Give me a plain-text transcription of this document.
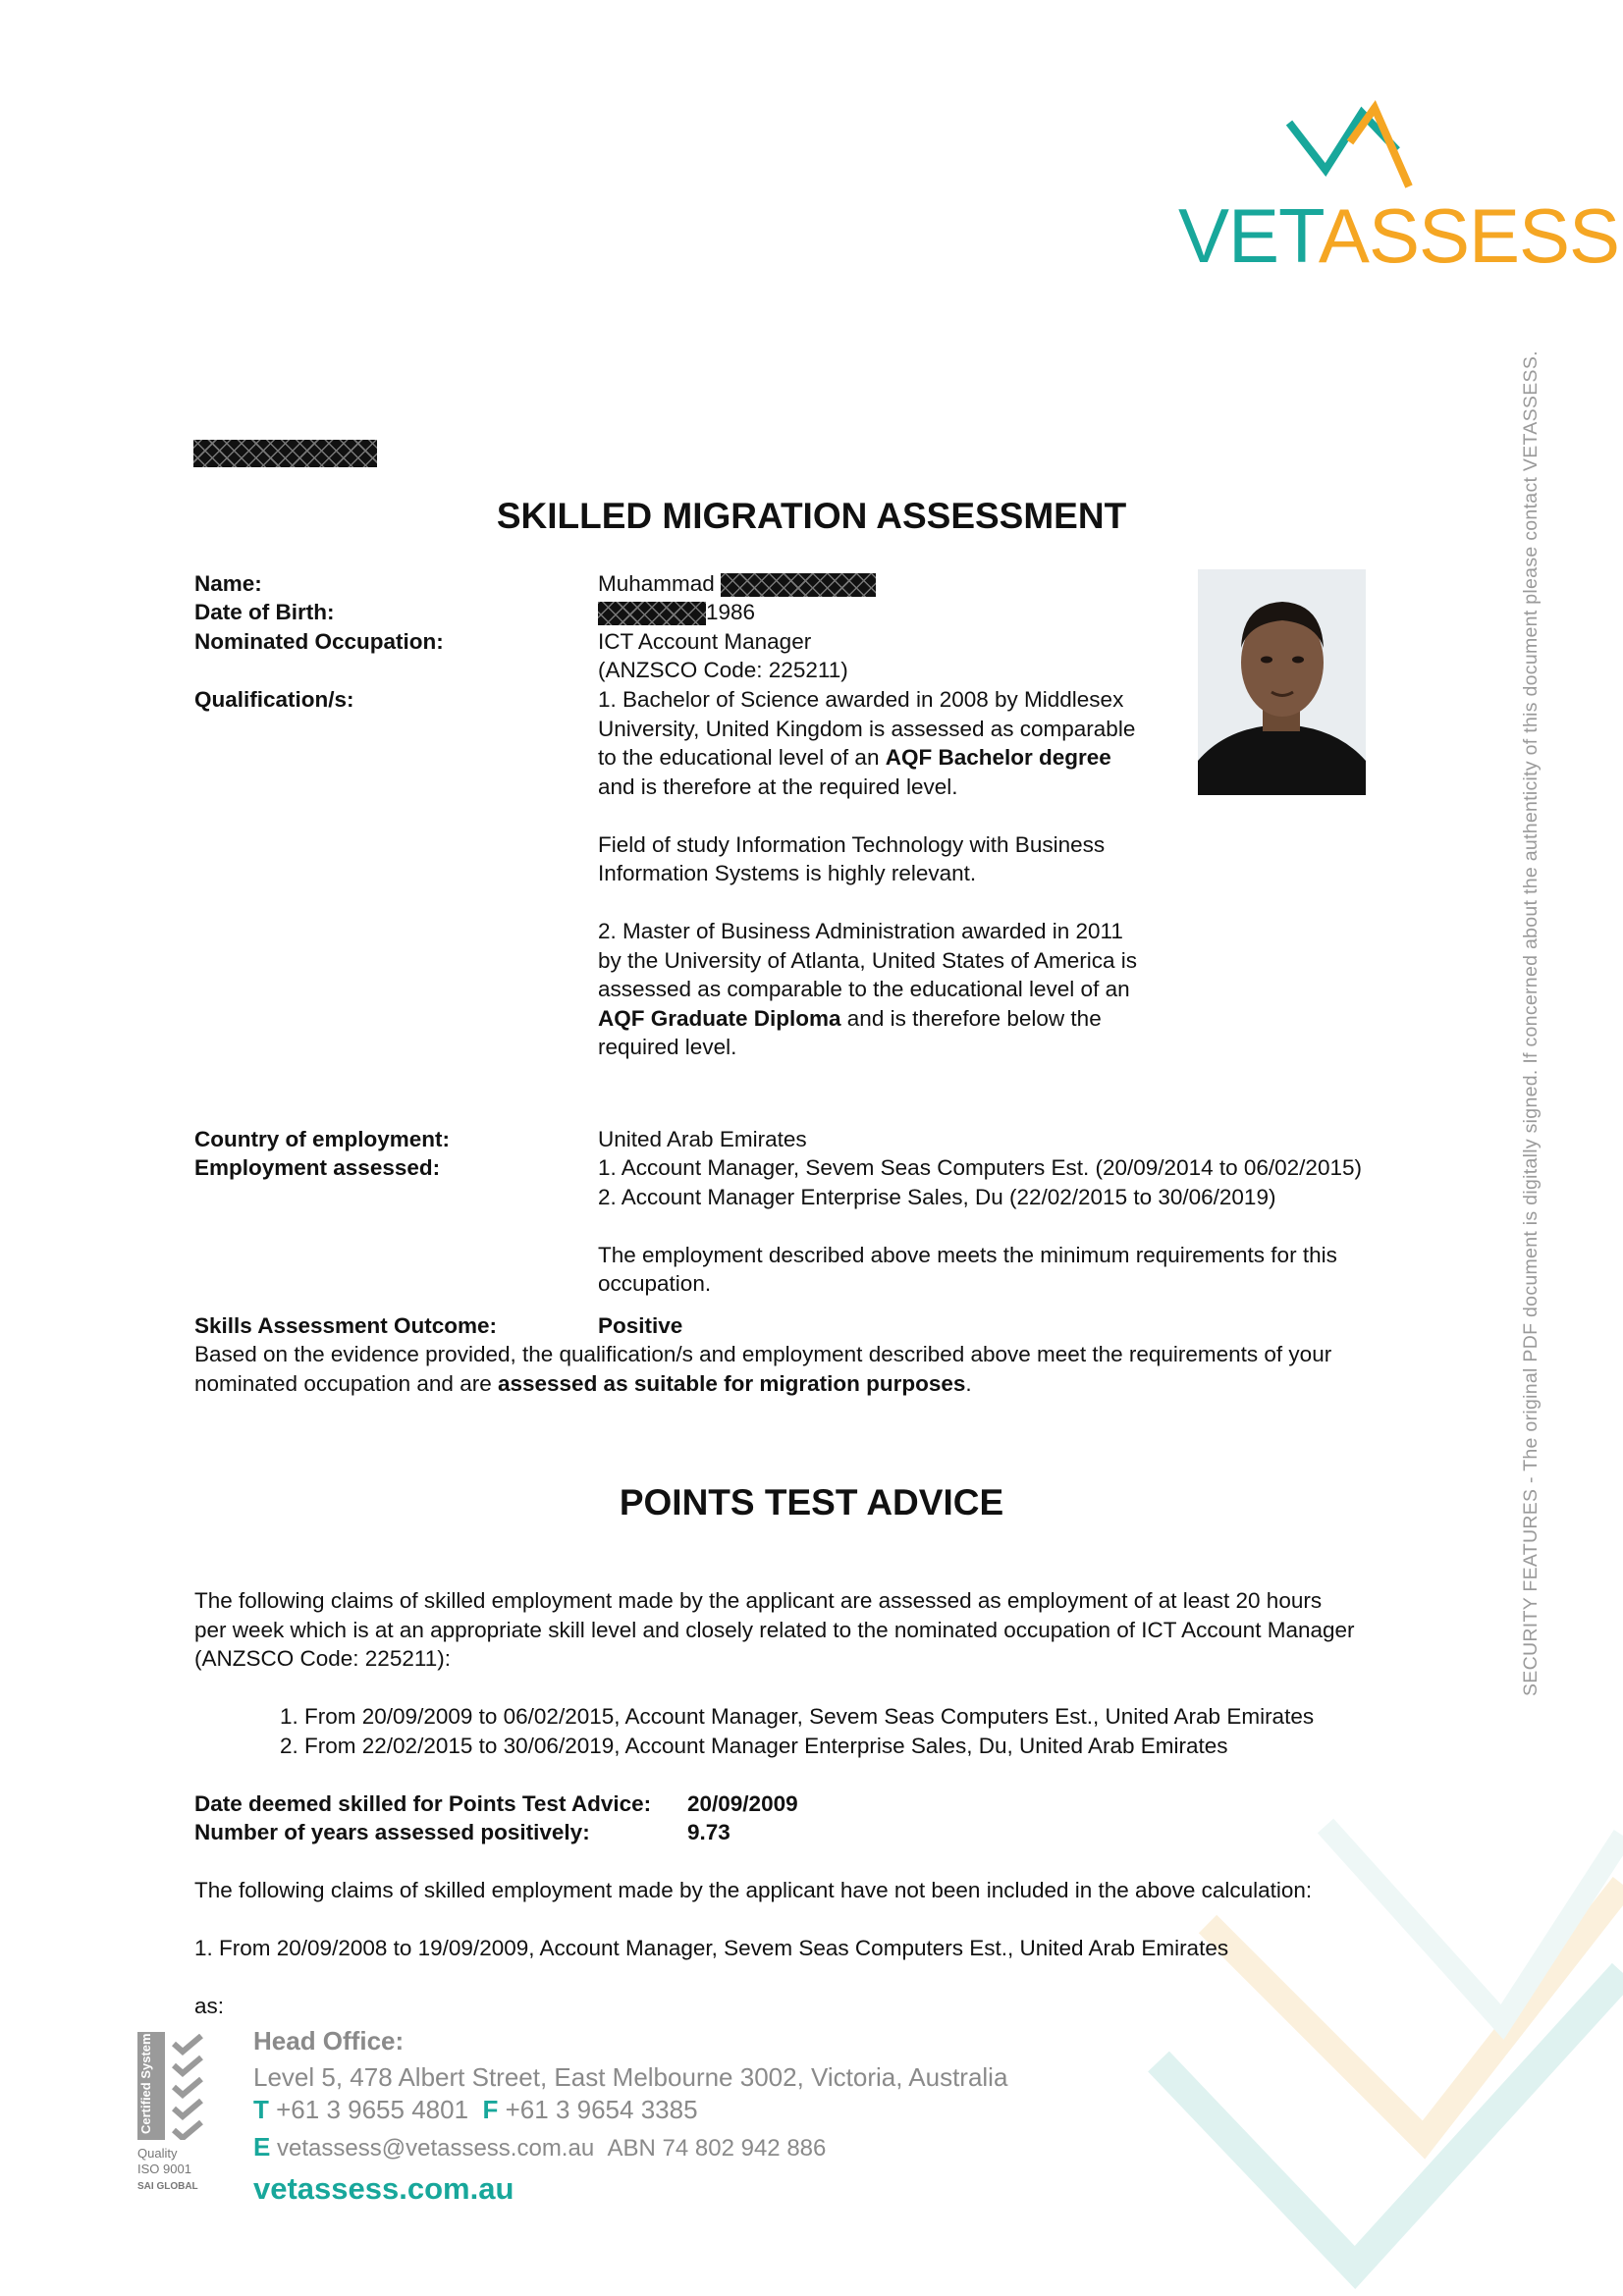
VETASSESS
SECURITY FEATURES - The original PDF document is digitally signed. If concerned about the authenticity of this document please contact VETASSESS.
SKILLED MIGRATION ASSESSMENT
Name:	Muhammad
Date of Birth:	1986
Nominated Occupation:	ICT Account Manager
(ANZSCO Code: 225211)
Qualification/s:	1. Bachelor of Science awarded in 2008 by Middlesex
University, United Kingdom is assessed as comparable
to the educational level of an AQF Bachelor degree
and is therefore at the required level.
Field of study Information Technology with Business
Information Systems is highly relevant.
2. Master of Business Administration awarded in 2011
by the University of Atlanta, United States of America is
assessed as comparable to the educational level of an
AQF Graduate Diploma and is therefore below the
required level.
Country of employment:	United Arab Emirates
Employment assessed:	1. Account Manager, Sevem Seas Computers Est. (20/09/2014 to 06/02/2015)
2. Account Manager Enterprise Sales, Du (22/02/2015 to 30/06/2019)
The employment described above meets the minimum requirements for this
occupation.
Skills Assessment Outcome:	Positive
Based on the evidence provided, the qualification/s and employment described above meet the requirements of your
nominated occupation and are assessed as suitable for migration purposes.
POINTS TEST ADVICE
The following claims of skilled employment made by the applicant are assessed as employment of at least 20 hours
per week which is at an appropriate skill level and closely related to the nominated occupation of ICT Account Manager
(ANZSCO Code: 225211):
1. From 20/09/2009 to 06/02/2015, Account Manager, Sevem Seas Computers Est., United Arab Emirates
2. From 22/02/2015 to 30/06/2019, Account Manager Enterprise Sales, Du, United Arab Emirates
Date deemed skilled for Points Test Advice: 20/09/2009
Number of years assessed positively:	9.73
The following claims of skilled employment made by the applicant have not been included in the above calculation:
1. From 20/09/2008 to 19/09/2009, Account Manager, Sevem Seas Computers Est., United Arab Emirates
as:
Certified System
Quality
ISO 9001
SAI GLOBAL
Head Office:
Level 5, 478 Albert Street, East Melbourne 3002, Victoria, Australia
T +61 3 9655 4801 F +61 3 9654 3385
E vetassess@vetassess.com.au ABN 74 802 942 886
vetassess.com.au
